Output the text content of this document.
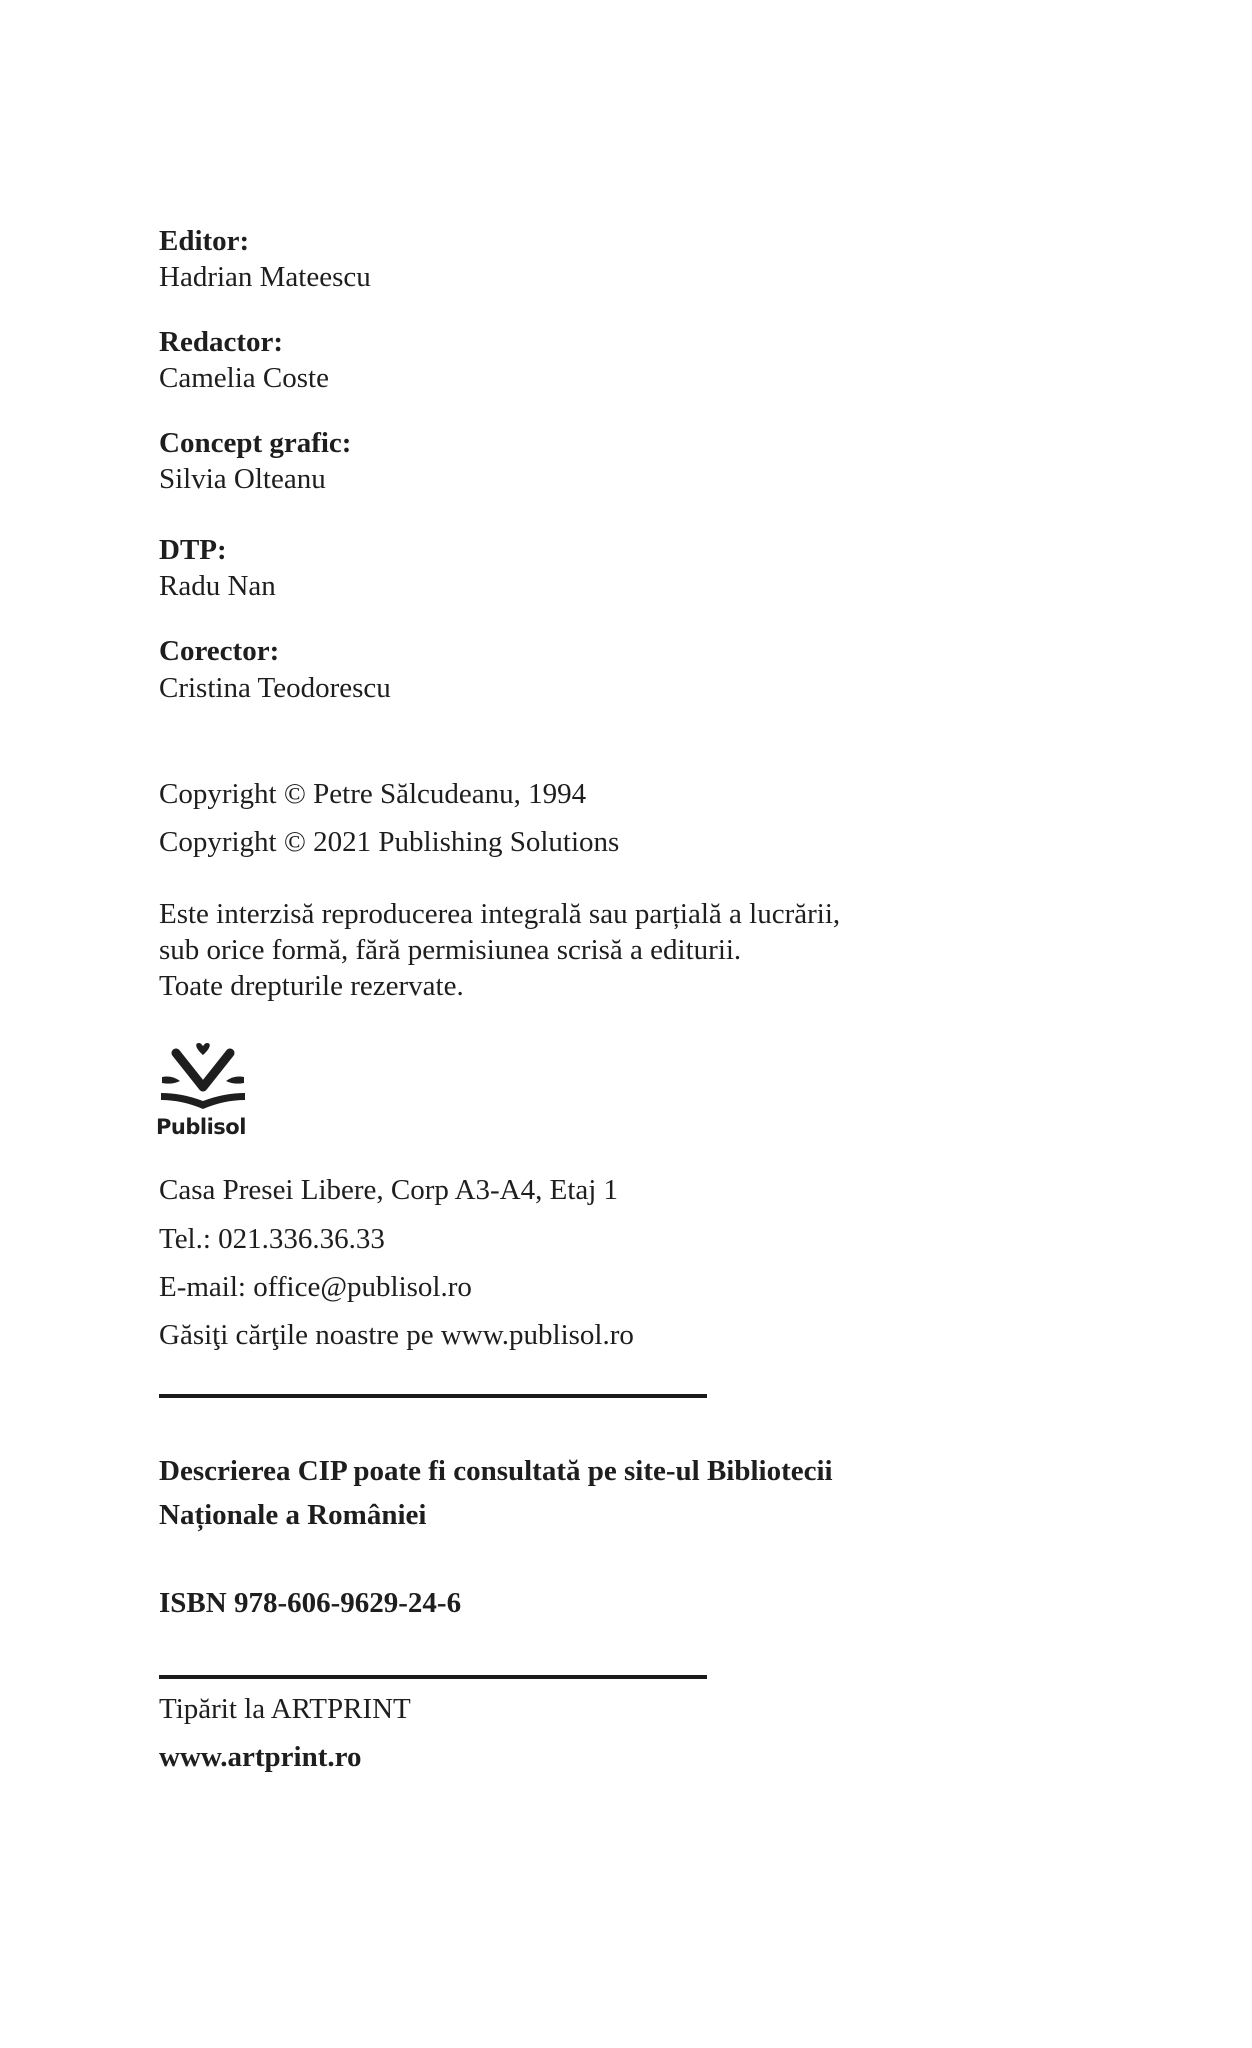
Editor:
Hadrian Mateescu
Redactor:
Camelia Coste
Concept grafic:
Silvia Olteanu
DTP:
Radu Nan
Corector:
Cristina Teodorescu
Copyright © Petre Sălcudeanu, 1994
Copyright © 2021 Publishing Solutions
Este interzisă reproducerea integrală sau parțială a lucrării,
sub orice formă, fără permisiunea scrisă a editurii.
Toate drepturile rezervate.
Publisol
Casa Presei Libere, Corp A3-A4, Etaj 1
Tel.: 021.336.36.33
E-mail: office@publisol.ro
Găsiţi cărţile noastre pe www.publisol.ro
Descrierea CIP poate fi consultată pe site-ul Bibliotecii
Naționale a României
ISBN 978-606-9629-24-6
Tipărit la ARTPRINT
www.artprint.ro
